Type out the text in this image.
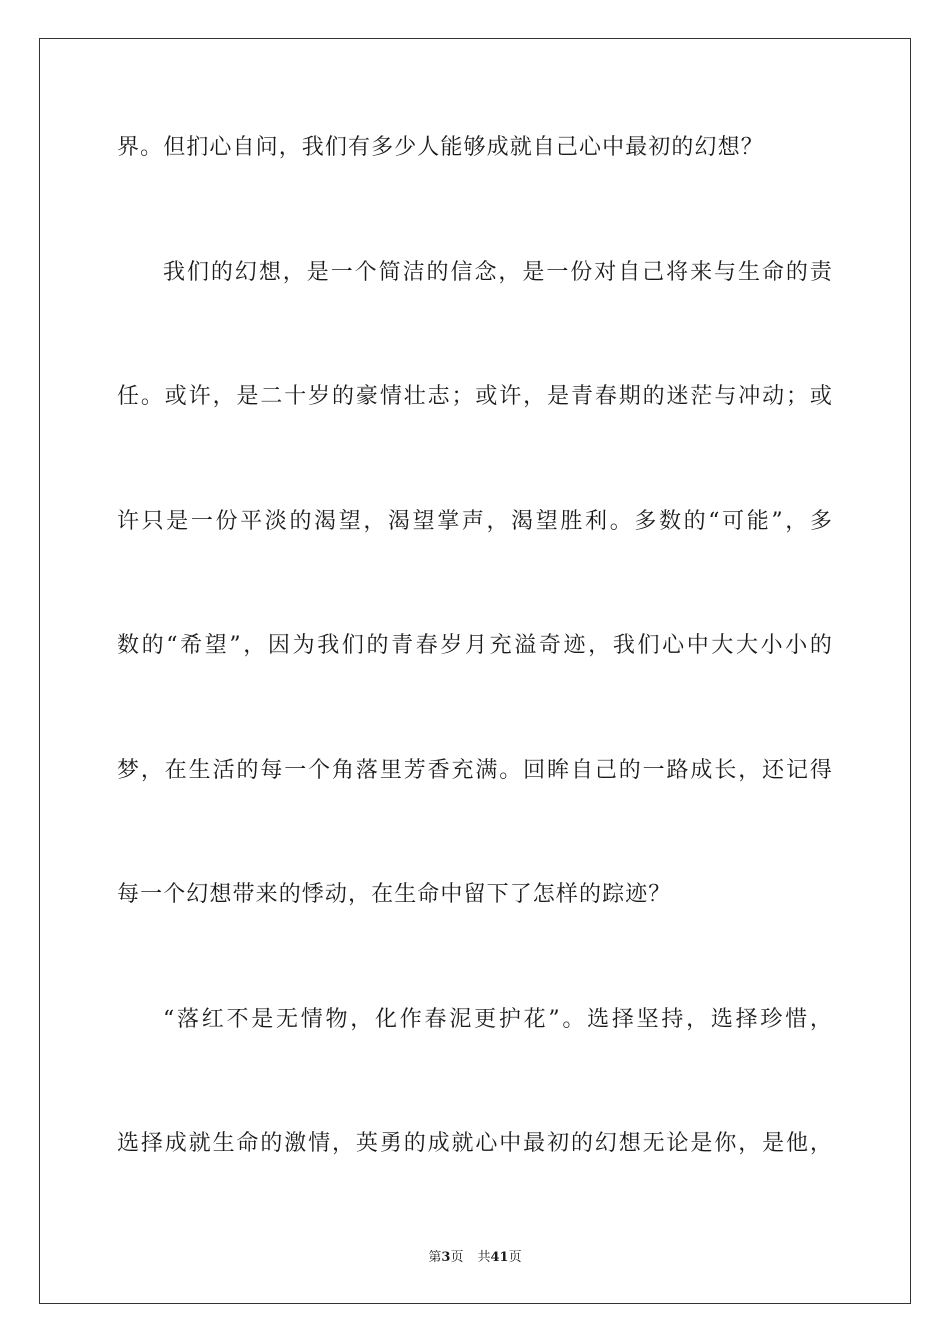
界。但扪心自问，我们有多少人能够成就自己心中最初的幻想？
我们的幻想，是一个简洁的信念，是一份对自己将来与生命的责
任。或许，是二十岁的豪情壮志；或许，是青春期的迷茫与冲动；或
许只是一份平淡的渴望，渴望掌声，渴望胜利。多数的“可能”，多
数的“希望”，因为我们的青春岁月充溢奇迹，我们心中大大小小的
梦，在生活的每一个角落里芳香充满。回眸自己的一路成长，还记得
每一个幻想带来的悸动，在生命中留下了怎样的踪迹？
“落红不是无情物，化作春泥更护花”。选择坚持，选择珍惜，
选择成就生命的激情，英勇的成就心中最初的幻想无论是你，是他，
第3页 共41页
